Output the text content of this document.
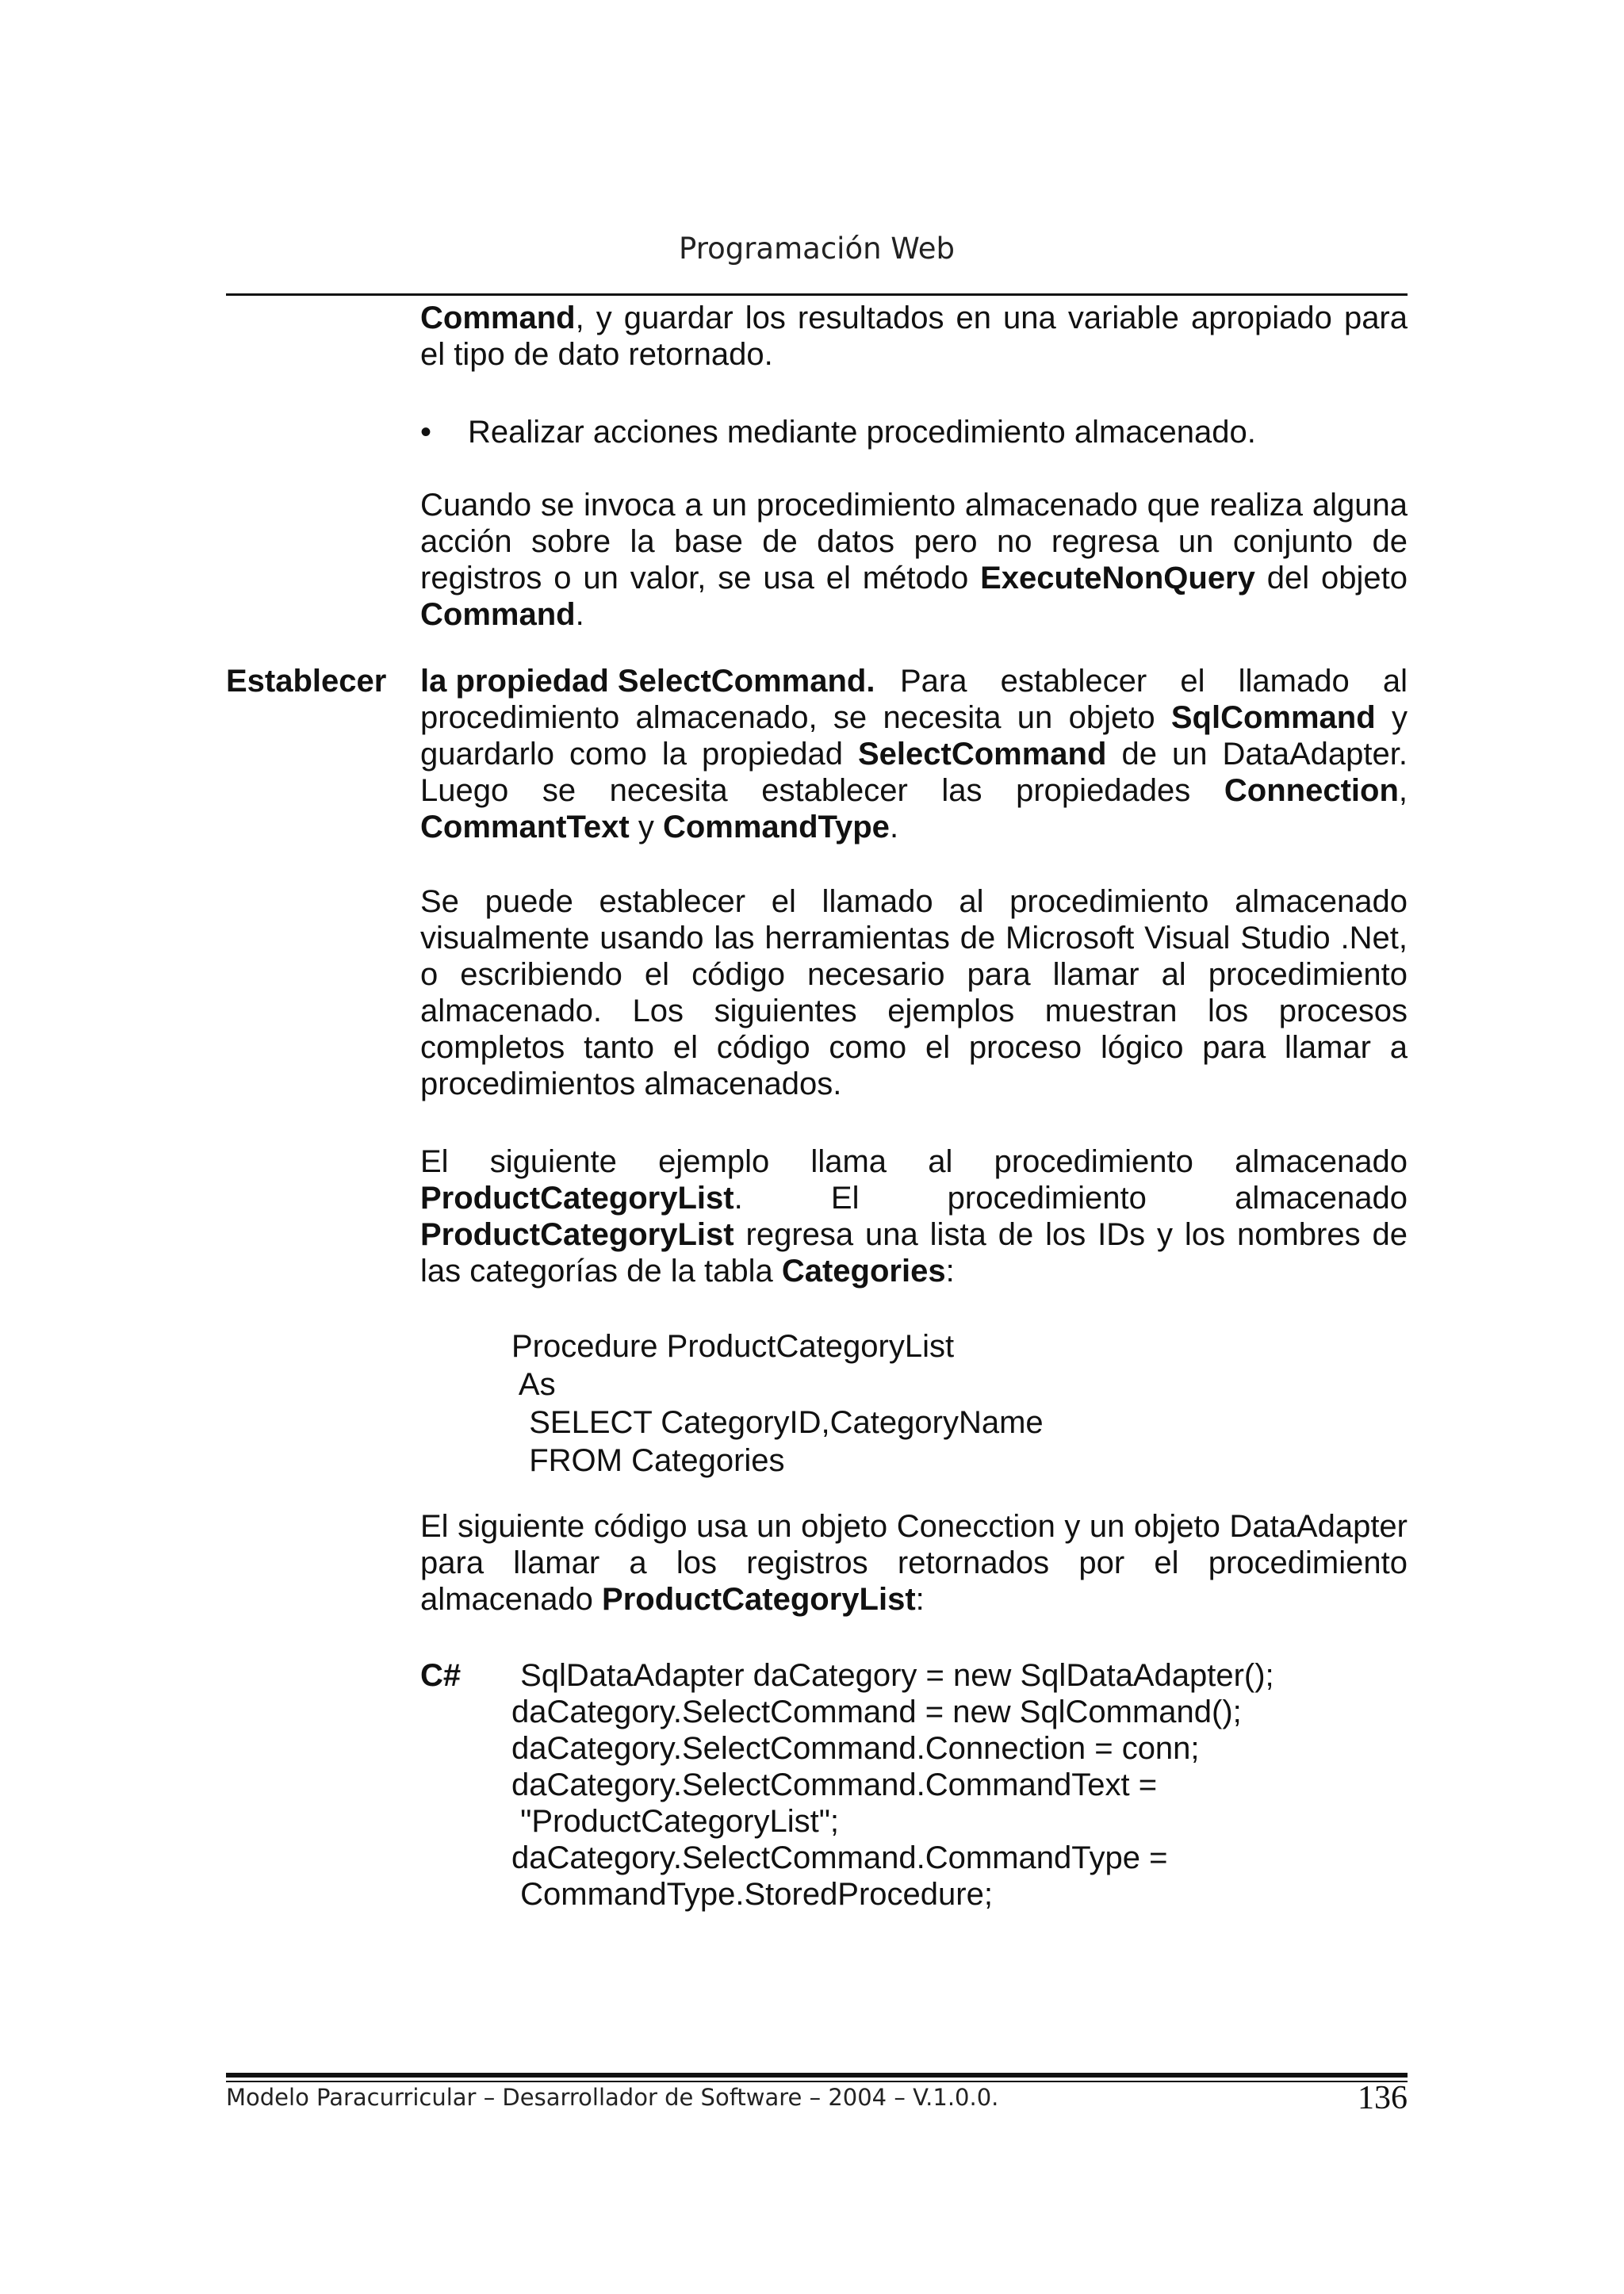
Programación Web
Command, y guardar los resultados en una variable apropiado para el tipo de dato retornado.
• Realizar acciones mediante procedimiento almacenado.
Cuando se invoca a un procedimiento almacenado que realiza alguna acción sobre la base de datos pero no regresa un conjunto de registros o un valor, se usa el método ExecuteNonQuery del objeto Command.
Establecer	la propiedad SelectCommand. Para establecer el llamado al procedimiento almacenado, se necesita un objeto SqlCommand y guardarlo como la propiedad SelectCommand de un DataAdapter. Luego se necesita establecer las propiedades Connection, CommantText y CommandType.
Se puede establecer el llamado al procedimiento almacenado visualmente usando las herramientas de Microsoft Visual Studio .Net, o escribiendo el código necesario para llamar al procedimiento almacenado. Los siguientes ejemplos muestran los procesos completos tanto el código como el proceso lógico para llamar a procedimientos almacenados.
El siguiente ejemplo llama al procedimiento almacenado ProductCategoryList. El procedimiento almacenado ProductCategoryList regresa una lista de los IDs y los nombres de las categorías de la tabla Categories:
Procedure ProductCategoryList
As
SELECT CategoryID,CategoryName
FROM Categories
El siguiente código usa un objeto Conecction y un objeto DataAdapter para llamar a los registros retornados por el procedimiento almacenado ProductCategoryList:
C# SqlDataAdapter daCategory = new SqlDataAdapter();
daCategory.SelectCommand = new SqlCommand();
daCategory.SelectCommand.Connection = conn;
daCategory.SelectCommand.CommandText =
"ProductCategoryList";
daCategory.SelectCommand.CommandType =
CommandType.StoredProcedure;
Modelo Paracurricular – Desarrollador de Software – 2004 – V.1.0.0.	136
